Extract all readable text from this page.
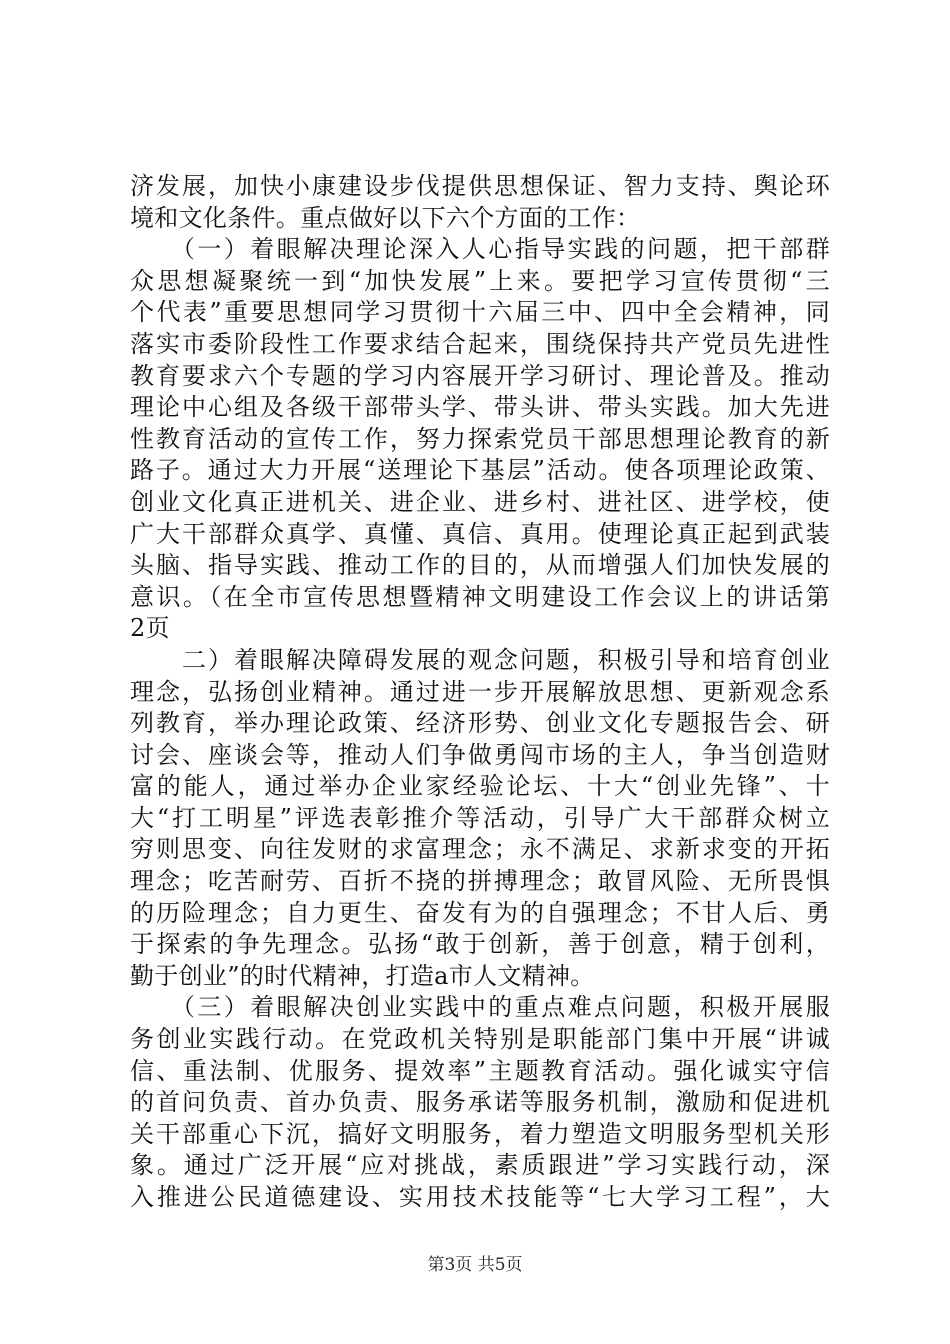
济发展，加快小康建设步伐提供思想保证、智力支持、舆论环
境和文化条件。重点做好以下六个方面的工作：
　　（一）着眼解决理论深入人心指导实践的问题，把干部群
众思想凝聚统一到“加快发展”上来。要把学习宣传贯彻“三
个代表”重要思想同学习贯彻十六届三中、四中全会精神，同
落实市委阶段性工作要求结合起来，围绕保持共产党员先进性
教育要求六个专题的学习内容展开学习研讨、理论普及。推动
理论中心组及各级干部带头学、带头讲、带头实践。加大先进
性教育活动的宣传工作，努力探索党员干部思想理论教育的新
路子。通过大力开展“送理论下基层”活动。使各项理论政策、
创业文化真正进机关、进企业、进乡村、进社区、进学校，使
广大干部群众真学、真懂、真信、真用。使理论真正起到武装
头脑、指导实践、推动工作的目的，从而增强人们加快发展的
意识。（在全市宣传思想暨精神文明建设工作会议上的讲话第
2页
　　二）着眼解决障碍发展的观念问题，积极引导和培育创业
理念，弘扬创业精神。通过进一步开展解放思想、更新观念系
列教育，举办理论政策、经济形势、创业文化专题报告会、研
讨会、座谈会等，推动人们争做勇闯市场的主人，争当创造财
富的能人，通过举办企业家经验论坛、十大“创业先锋”、十
大“打工明星”评选表彰推介等活动，引导广大干部群众树立
穷则思变、向往发财的求富理念；永不满足、求新求变的开拓
理念；吃苦耐劳、百折不挠的拼搏理念；敢冒风险、无所畏惧
的历险理念；自力更生、奋发有为的自强理念；不甘人后、勇
于探索的争先理念。弘扬“敢于创新，善于创意，精于创利，
勤于创业”的时代精神，打造a市人文精神。
　　（三）着眼解决创业实践中的重点难点问题，积极开展服
务创业实践行动。在党政机关特别是职能部门集中开展“讲诚
信、重法制、优服务、提效率”主题教育活动。强化诚实守信
的首问负责、首办负责、服务承诺等服务机制，激励和促进机
关干部重心下沉，搞好文明服务，着力塑造文明服务型机关形
象。通过广泛开展“应对挑战，素质跟进”学习实践行动，深
入推进公民道德建设、实用技术技能等“七大学习工程”，大
第3页 共5页
